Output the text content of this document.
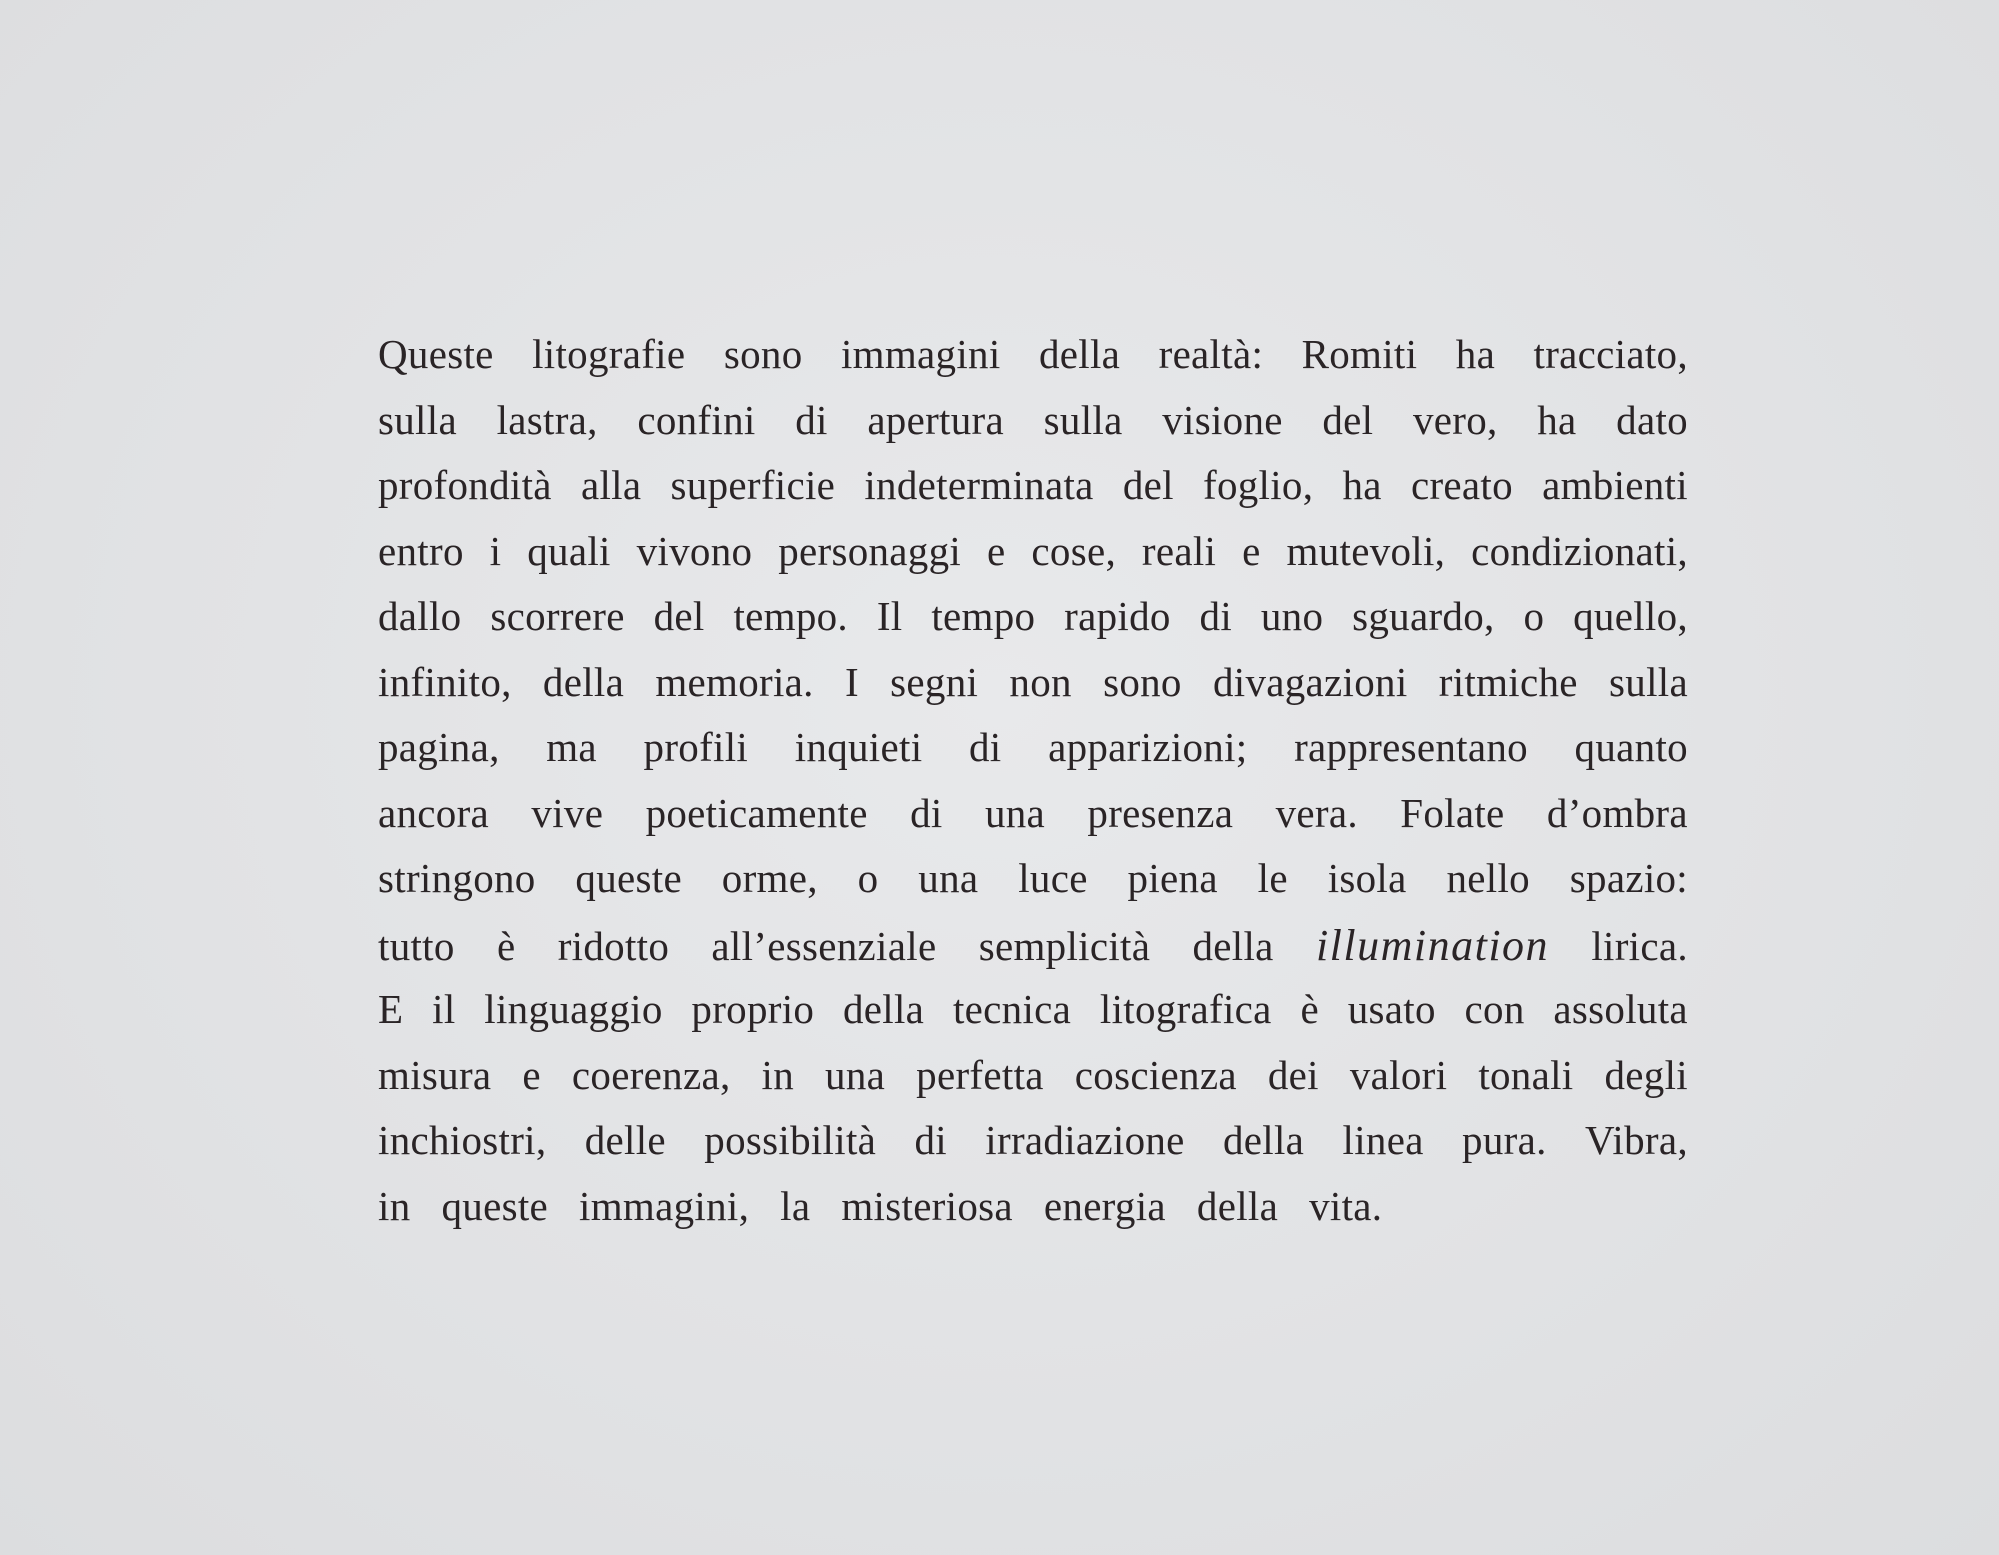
Queste litografie sono immagini della realtà: Romiti ha tracciato,
sulla lastra, confini di apertura sulla visione del vero, ha dato
profondità alla superficie indeterminata del foglio, ha creato ambienti
entro i quali vivono personaggi e cose, reali e mutevoli, condizionati,
dallo scorrere del tempo. Il tempo rapido di uno sguardo, o quello,
infinito, della memoria. I segni non sono divagazioni ritmiche sulla
pagina, ma profili inquieti di apparizioni; rappresentano quanto
ancora vive poeticamente di una presenza vera. Folate d’ombra
stringono queste orme, o una luce piena le isola nello spazio:
tutto è ridotto all’essenziale semplicità della illumination lirica.
E il linguaggio proprio della tecnica litografica è usato con assoluta
misura e coerenza, in una perfetta coscienza dei valori tonali degli
inchiostri, delle possibilità di irradiazione della linea pura. Vibra,
in queste immagini, la misteriosa energia della vita.
